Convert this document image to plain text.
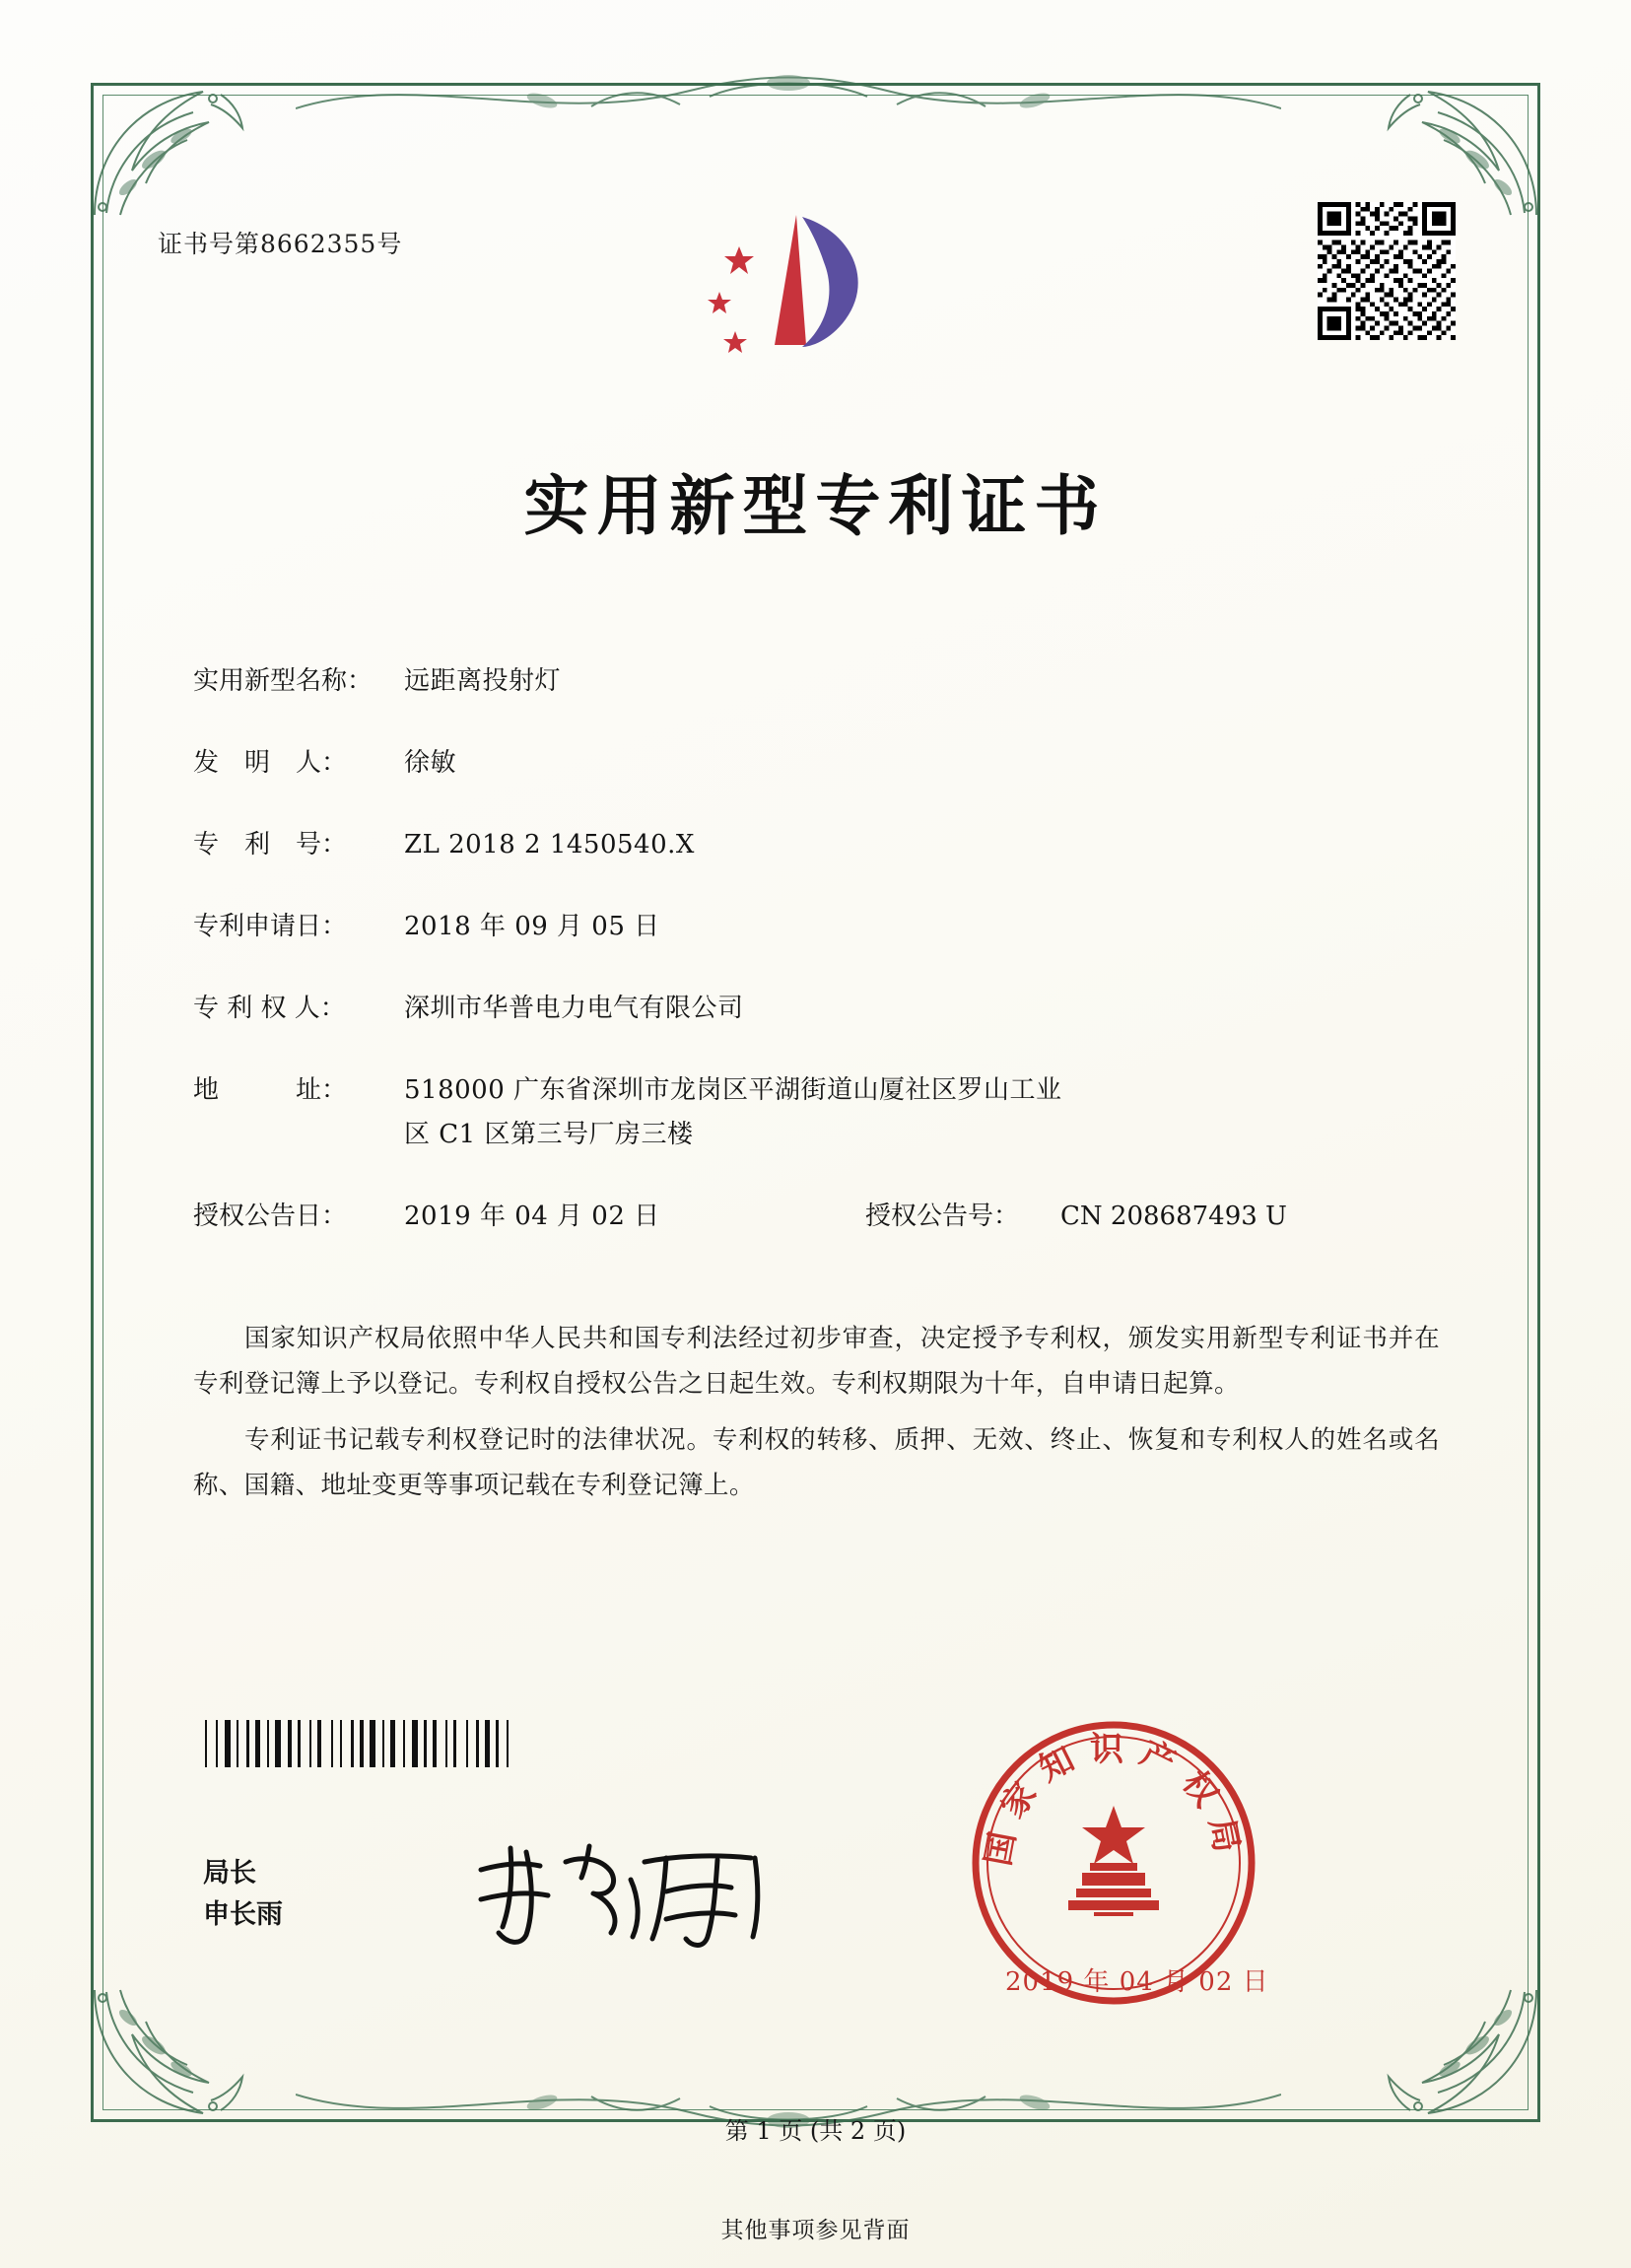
证书号第8662355号
实用新型专利证书
实用新型名称：	远距离投射灯
发　明　人：	徐敏
专　利　号：	ZL 2018 2 1450540.X
专利申请日：	2018 年 09 月 05 日
专 利 权 人：	深圳市华普电力电气有限公司
地　　　址：	518000 广东省深圳市龙岗区平湖街道山厦社区罗山工业
区 C1 区第三号厂房三楼
授权公告日：	2019 年 04 月 02 日	授权公告号：	CN 208687493 U

国家知识产权局依照中华人民共和国专利法经过初步审查，决定授予专利权，颁发实用新型专利证书并在专利登记簿上予以登记。专利权自授权公告之日起生效。专利权期限为十年，自申请日起算。

专利证书记载专利权登记时的法律状况。专利权的转移、质押、无效、终止、恢复和专利权人的姓名或名称、国籍、地址变更等事项记载在专利登记簿上。

局长
申长雨
国家知识产权局
2019 年 04 月 02 日
第 1 页 (共 2 页)
其他事项参见背面
